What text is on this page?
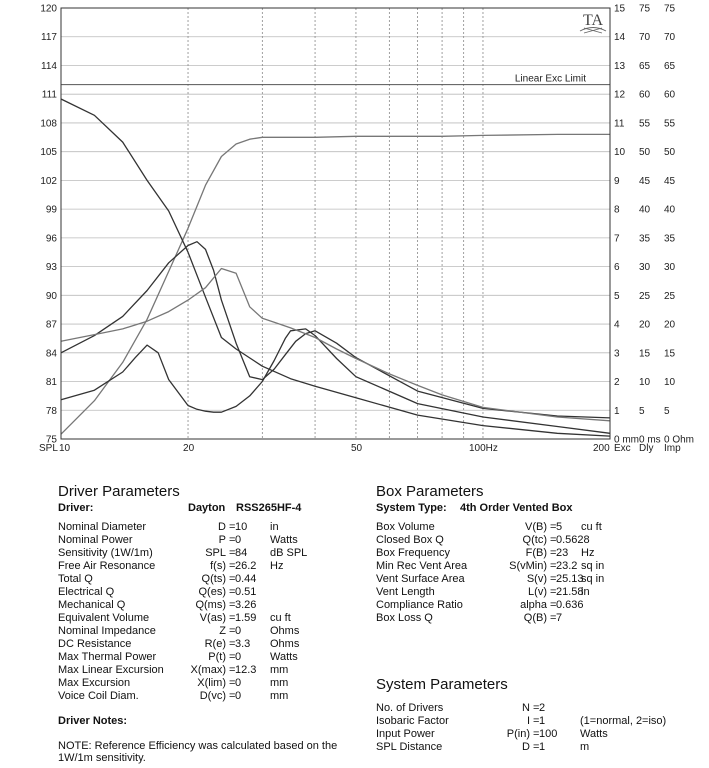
Linear Exc Limit
120
117
114
111
108
105
102
99
96
93
90
87
84
81
78
75
15
14
13
12
11
10
9
8
7
6
5
4
3
2
1
0 mm
Exc
75
70
65
60
55
50
45
40
35
30
25
20
15
10
5
0 ms
Dly
75
70
65
60
55
50
45
40
35
30
25
20
15
10
5
0 Ohm
Imp
10	20	50	100Hz	200
SPL
TA
Driver Parameters
Driver:	Dayton RSS265HF-4
Nominal Diameter	D 10 in
=
Nominal Power	P 0	Watts
=
Sensitivity (1W/1m)	SPL 84 dB SPL
=
Free Air Resonance	f(s) 26.2 Hz
=
Total Q	Q(ts) 0.44
=
Electrical Q	Q(es) 0.51
=
Mechanical Q	Q(ms) 3.26
=
Equivalent Volume	V(as) 1.59 cu ft
=
Nominal Impedance	Z 0	Ohms
=
DC Resistance	R(e) 3.3 Ohms
=
Max Thermal Power	P(t) 0	Watts
=
Max Linear Excursion	X(max) 12.3 mm
=
Max Excursion	X(lim) 0	mm
=
Voice Coil Diam.	D(vc) 0	mm
=
Driver Notes:
NOTE: Reference Efficiency was calculated based on the
1W/1m sensitivity.
Box Parameters
System Type: 4th Order Vented Box
Box Volume	V(B) 5 cu ft
=
Closed Box Q	Q(tc) 0.5628
=
Box Frequency	F(B) 23 Hz
=
Min Rec Vent Area	S(vMin) 23.2 sq in
=
Vent Surface Area	S(v) 25.13
sq in
=
Vent Length	L(v) 21.58
in
=
Compliance Ratio	alpha 0.636
=
Box Loss Q	Q(B) 7
=
System Parameters
No. of Drivers	N 2
=
Isobaric Factor	I 1	(1=normal, 2=iso)
=
Input Power	P(in) 100 Watts
=
SPL Distance	D 1	m
=
